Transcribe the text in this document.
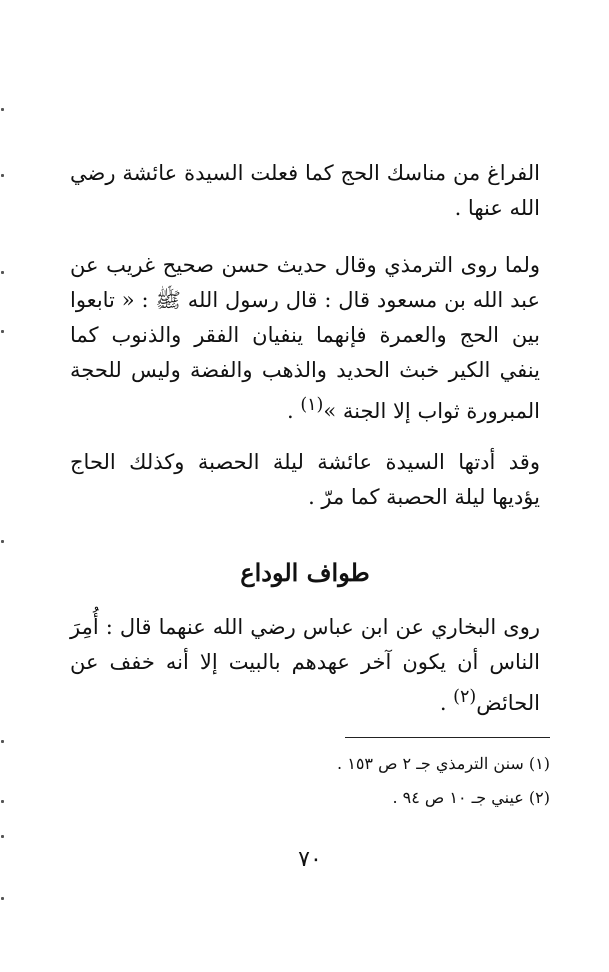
الفراغ من مناسك الحج كما فعلت السيدة عائشة رضي الله عنها .

ولما روى الترمذي وقال حديث حسن صحيح غريب عن عبد الله بن مسعود قال : قال رسول الله ﷺ : « تابعوا بين الحج والعمرة فإنهما ينفيان الفقر والذنوب كما ينفي الكير خبث الحديد والذهب والفضة وليس للحجة المبرورة ثواب إلا الجنة »$^{(١)}$ .

وقد أدتها السيدة عائشة ليلة الحصبة وكذلك الحاج يؤديها ليلة الحصبة كما مرّ .

طواف الوداع

روى البخاري عن ابن عباس رضي الله عنهما قال : أُمِرَ الناس أن يكون آخر عهدهم بالبيت إلا أنه خفف عن الحائض$^{(٢)}$ .

(١) سنن الترمذي جـ ٢ ص ١٥٣ .

(٢) عيني جـ ١٠ ص ٩٤ .

٧٠
